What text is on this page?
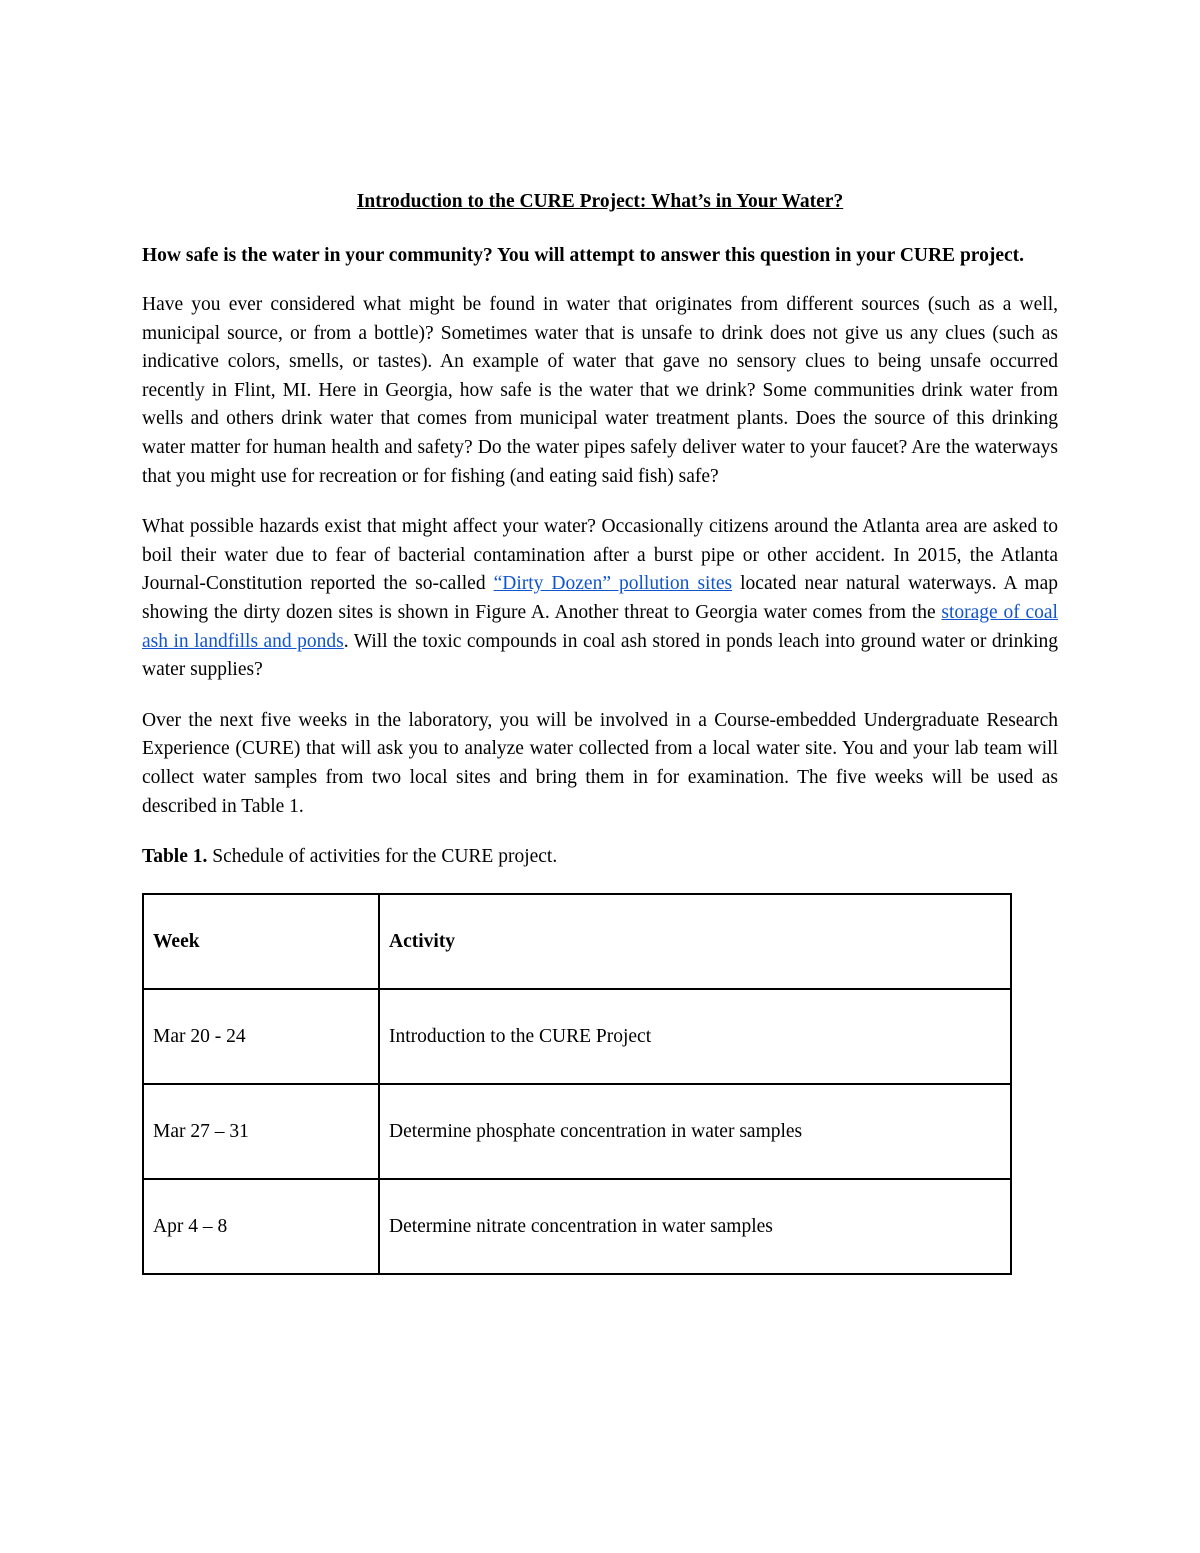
Introduction to the CURE Project: What’s in Your Water?
How safe is the water in your community? You will attempt to answer this question in your CURE project.

Have you ever considered what might be found in water that originates from different sources (such as a well, municipal source, or from a bottle)? Sometimes water that is unsafe to drink does not give us any clues (such as indicative colors, smells, or tastes). An example of water that gave no sensory clues to being unsafe occurred recently in Flint, MI. Here in Georgia, how safe is the water that we drink? Some communities drink water from wells and others drink water that comes from municipal water treatment plants. Does the source of this drinking water matter for human health and safety? Do the water pipes safely deliver water to your faucet? Are the waterways that you might use for recreation or for fishing (and eating said fish) safe?

What possible hazards exist that might affect your water? Occasionally citizens around the Atlanta area are asked to boil their water due to fear of bacterial contamination after a burst pipe or other accident. In 2015, the Atlanta Journal-Constitution reported the so-called “Dirty Dozen” pollution sites located near natural waterways. A map showing the dirty dozen sites is shown in Figure A. Another threat to Georgia water comes from the storage of coal ash in landfills and ponds. Will the toxic compounds in coal ash stored in ponds leach into ground water or drinking water supplies?

Over the next five weeks in the laboratory, you will be involved in a Course-embedded Undergraduate Research Experience (CURE) that will ask you to analyze water collected from a local water site. You and your lab team will collect water samples from two local sites and bring them in for examination. The five weeks will be used as described in Table 1.

Table 1. Schedule of activities for the CURE project.
Week	Activity
Mar 20 - 24	Introduction to the CURE Project
Mar 27 – 31	Determine phosphate concentration in water samples
Apr 4 – 8	Determine nitrate concentration in water samples
